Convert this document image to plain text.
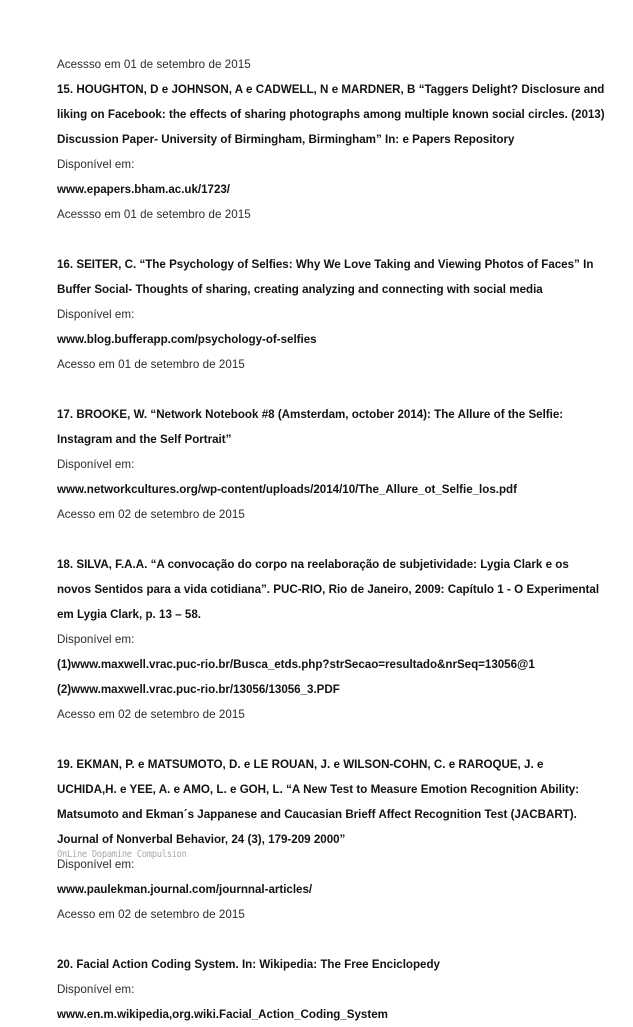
Acessso em 01 de setembro de 2015
15. HOUGHTON, D e JOHNSON, A e CADWELL, N e MARDNER, B “Taggers Delight? Disclosure and liking on Facebook: the effects of sharing photographs among multiple known social circles. (2013) Discussion Paper- University of Birmingham, Birmingham” In: e Papers Repository
Disponível em:
www.epapers.bham.ac.uk/1723/
Acessso em 01 de setembro de 2015
16. SEITER, C. “The Psychology of Selfies: Why We Love Taking and Viewing Photos of Faces” In Buffer Social- Thoughts of sharing, creating analyzing and connecting with social media
Disponível em:
www.blog.bufferapp.com/psychology-of-selfies
Acesso em 01 de setembro de 2015
17. BROOKE, W. “Network Notebook #8 (Amsterdam, october 2014): The Allure of the Selfie: Instagram and the Self Portrait”
Disponível em:
www.networkcultures.org/wp-content/uploads/2014/10/The_Allure_ot_Selfie_los.pdf
Acesso em 02 de setembro de 2015
18. SILVA, F.A.A. “A convocação do corpo na reelaboração de subjetividade: Lygia Clark e os novos Sentidos para a vida cotidiana”. PUC-RIO, Rio de Janeiro, 2009: Capítulo 1 - O Experimental em Lygia Clark, p. 13 – 58.
Disponível em:
(1)www.maxwell.vrac.puc-rio.br/Busca_etds.php?strSecao=resultado&nrSeq=13056@1
(2)www.maxwell.vrac.puc-rio.br/13056/13056_3.PDF
Acesso em 02 de setembro de 2015
19. EKMAN, P. e MATSUMOTO, D. e LE ROUAN, J. e WILSON-COHN, C. e RAROQUE, J. e UCHIDA,H. e YEE, A. e AMO, L. e GOH, L. “A New Test to Measure Emotion Recognition Ability: Matsumoto and Ekman´s Jappanese and Caucasian Brieff Affect Recognition Test (JACBART). Journal of Nonverbal Behavior, 24 (3), 179-209 2000”
Disponível em:
www.paulekman.journal.com/journnal-articles/
Acesso em 02 de setembro de 2015
20. Facial Action Coding System. In: Wikipedia: The Free Enciclopedy
Disponível em:
www.en.m.wikipedia,org.wiki.Facial_Action_Coding_System
OnLine Dopamine Compulsion
